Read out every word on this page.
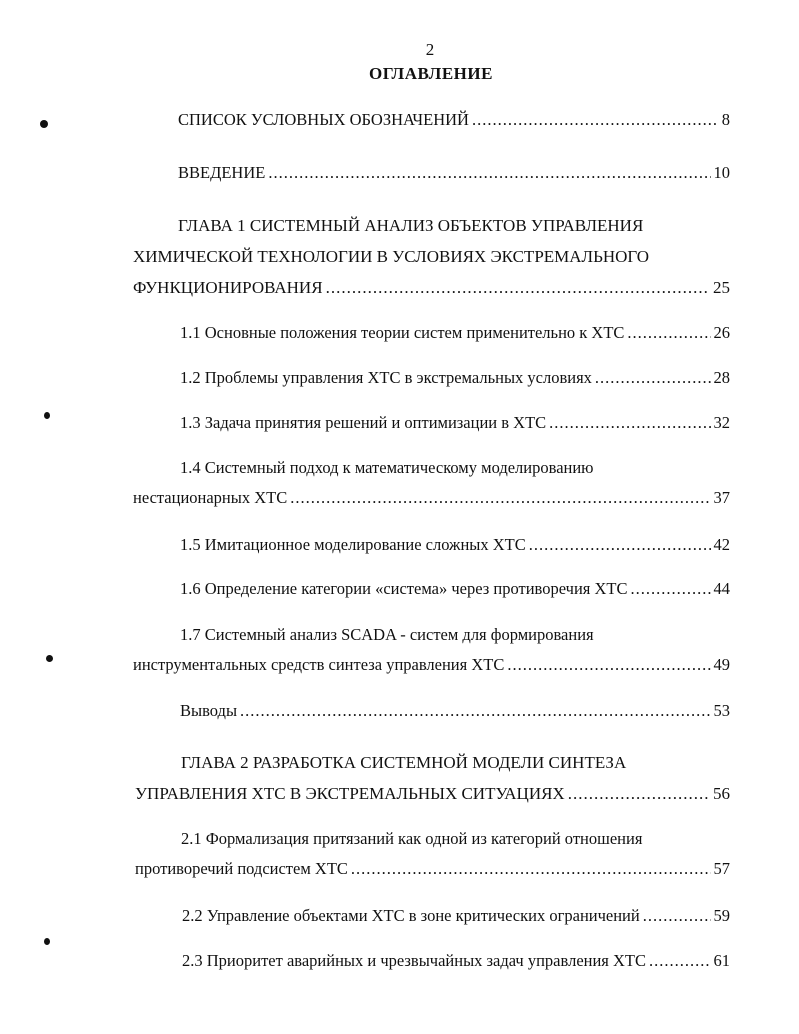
2
ОГЛАВЛЕНИЕ
СПИСОК УСЛОВНЫХ ОБОЗНАЧЕНИЙ .....	8
ВВЕДЕНИЕ .....	10
ГЛАВА 1 СИСТЕМНЫЙ АНАЛИЗ ОБЪЕКТОВ УПРАВЛЕНИЯ
ХИМИЧЕСКОЙ ТЕХНОЛОГИИ В УСЛОВИЯХ ЭКСТРЕМАЛЬНОГО
ФУНКЦИОНИРОВАНИЯ .....	25
1.1 Основные положения теории систем применительно к ХТС .....	26
1.2 Проблемы управления ХТС в экстремальных условиях .....	28
1.3 Задача принятия решений и оптимизации в ХТС .....	32
1.4 Системный подход к математическому моделированию
нестационарных ХТС .....	37
1.5 Имитационное моделирование сложных ХТС .....	42
1.6 Определение категории «система» через противоречия ХТС .....	44
1.7 Системный анализ SCADA - систем для формирования
инструментальных средств синтеза управления ХТС .....	49
Выводы .....	53
ГЛАВА 2 РАЗРАБОТКА СИСТЕМНОЙ МОДЕЛИ СИНТЕЗА
УПРАВЛЕНИЯ ХТС В ЭКСТРЕМАЛЬНЫХ СИТУАЦИЯХ .....	56
2.1 Формализация притязаний как одной из категорий отношения
противоречий подсистем ХТС .....	57
2.2 Управление объектами ХТС в зоне критических ограничений .....	59
2.3 Приоритет аварийных и чрезвычайных задач управления ХТС .....	61
